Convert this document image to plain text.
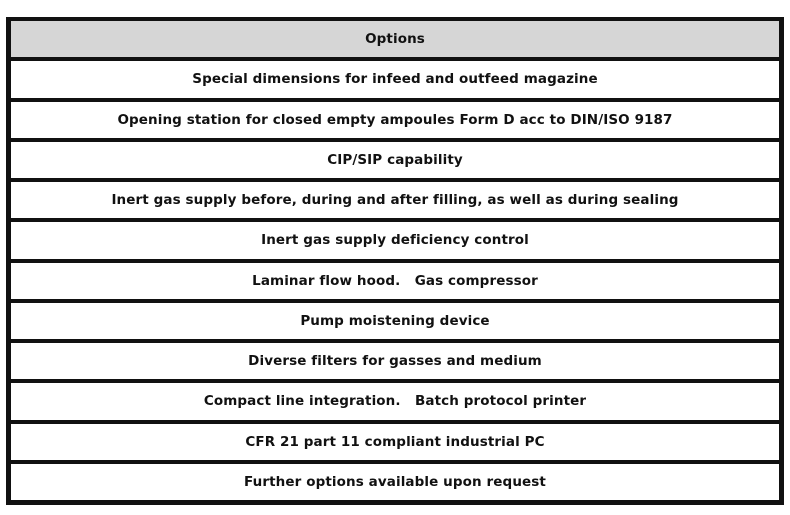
Options
Special dimensions for infeed and outfeed magazine
Opening station for closed empty ampoules Form D acc to DIN/ISO 9187
CIP/SIP capability
Inert gas supply before, during and after filling, as well as during sealing
Inert gas supply deficiency control
Laminar flow hood.   Gas compressor
Pump moistening device
Diverse filters for gasses and medium
Compact line integration.   Batch protocol printer
CFR 21 part 11 compliant industrial PC
Further options available upon request
